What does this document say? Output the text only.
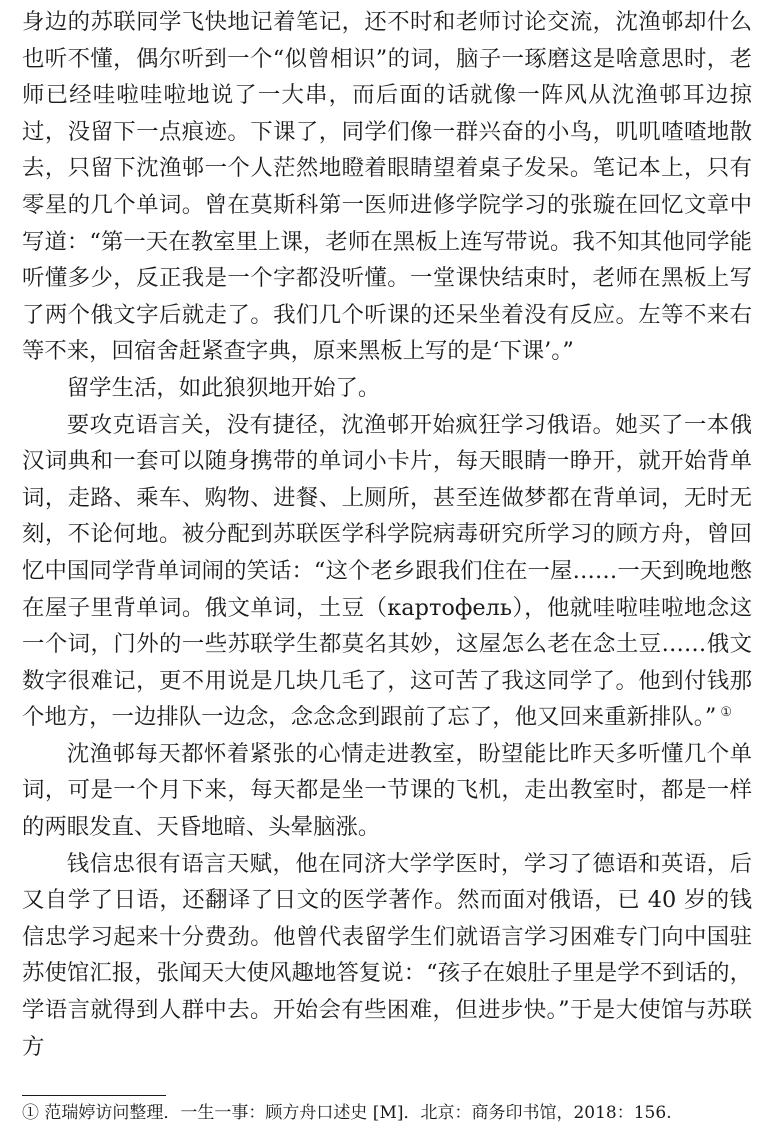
身边的苏联同学飞快地记着笔记，还不时和老师讨论交流，沈渔邨却什么也听不懂，偶尔听到一个“似曾相识”的词，脑子一琢磨这是啥意思时，老师已经哇啦哇啦地说了一大串，而后面的话就像一阵风从沈渔邨耳边掠过，没留下一点痕迹。下课了，同学们像一群兴奋的小鸟，叽叽喳喳地散去，只留下沈渔邨一个人茫然地瞪着眼睛望着桌子发呆。笔记本上，只有零星的几个单词。曾在莫斯科第一医师进修学院学习的张璇在回忆文章中写道：“第一天在教室里上课，老师在黑板上连写带说。我不知其他同学能听懂多少，反正我是一个字都没听懂。一堂课快结束时，老师在黑板上写了两个俄文字后就走了。我们几个听课的还呆坐着没有反应。左等不来右等不来，回宿舍赶紧查字典，原来黑板上写的是‘下课’。”

留学生活，如此狼狈地开始了。

要攻克语言关，没有捷径，沈渔邨开始疯狂学习俄语。她买了一本俄汉词典和一套可以随身携带的单词小卡片，每天眼睛一睁开，就开始背单词，走路、乘车、购物、进餐、上厕所，甚至连做梦都在背单词，无时无刻，不论何地。被分配到苏联医学科学院病毒研究所学习的顾方舟，曾回忆中国同学背单词闹的笑话：“这个老乡跟我们住在一屋……一天到晚地憋在屋子里背单词。俄文单词，土豆（картофель），他就哇啦哇啦地念这一个词，门外的一些苏联学生都莫名其妙，这屋怎么老在念土豆……俄文数字很难记，更不用说是几块几毛了，这可苦了我这同学了。他到付钱那个地方，一边排队一边念，念念念到跟前了忘了，他又回来重新排队。” ①

沈渔邨每天都怀着紧张的心情走进教室，盼望能比昨天多听懂几个单词，可是一个月下来，每天都是坐一节课的飞机，走出教室时，都是一样的两眼发直、天昏地暗、头晕脑涨。

钱信忠很有语言天赋，他在同济大学学医时，学习了德语和英语，后又自学了日语，还翻译了日文的医学著作。然而面对俄语，已 40 岁的钱信忠学习起来十分费劲。他曾代表留学生们就语言学习困难专门向中国驻苏使馆汇报，张闻天大使风趣地答复说：“孩子在娘肚子里是学不到话的，学语言就得到人群中去。开始会有些困难，但进步快。”于是大使馆与苏联方

① 范瑞婷访问整理．一生一事：顾方舟口述史 [M]．北京：商务印书馆，2018：156.
